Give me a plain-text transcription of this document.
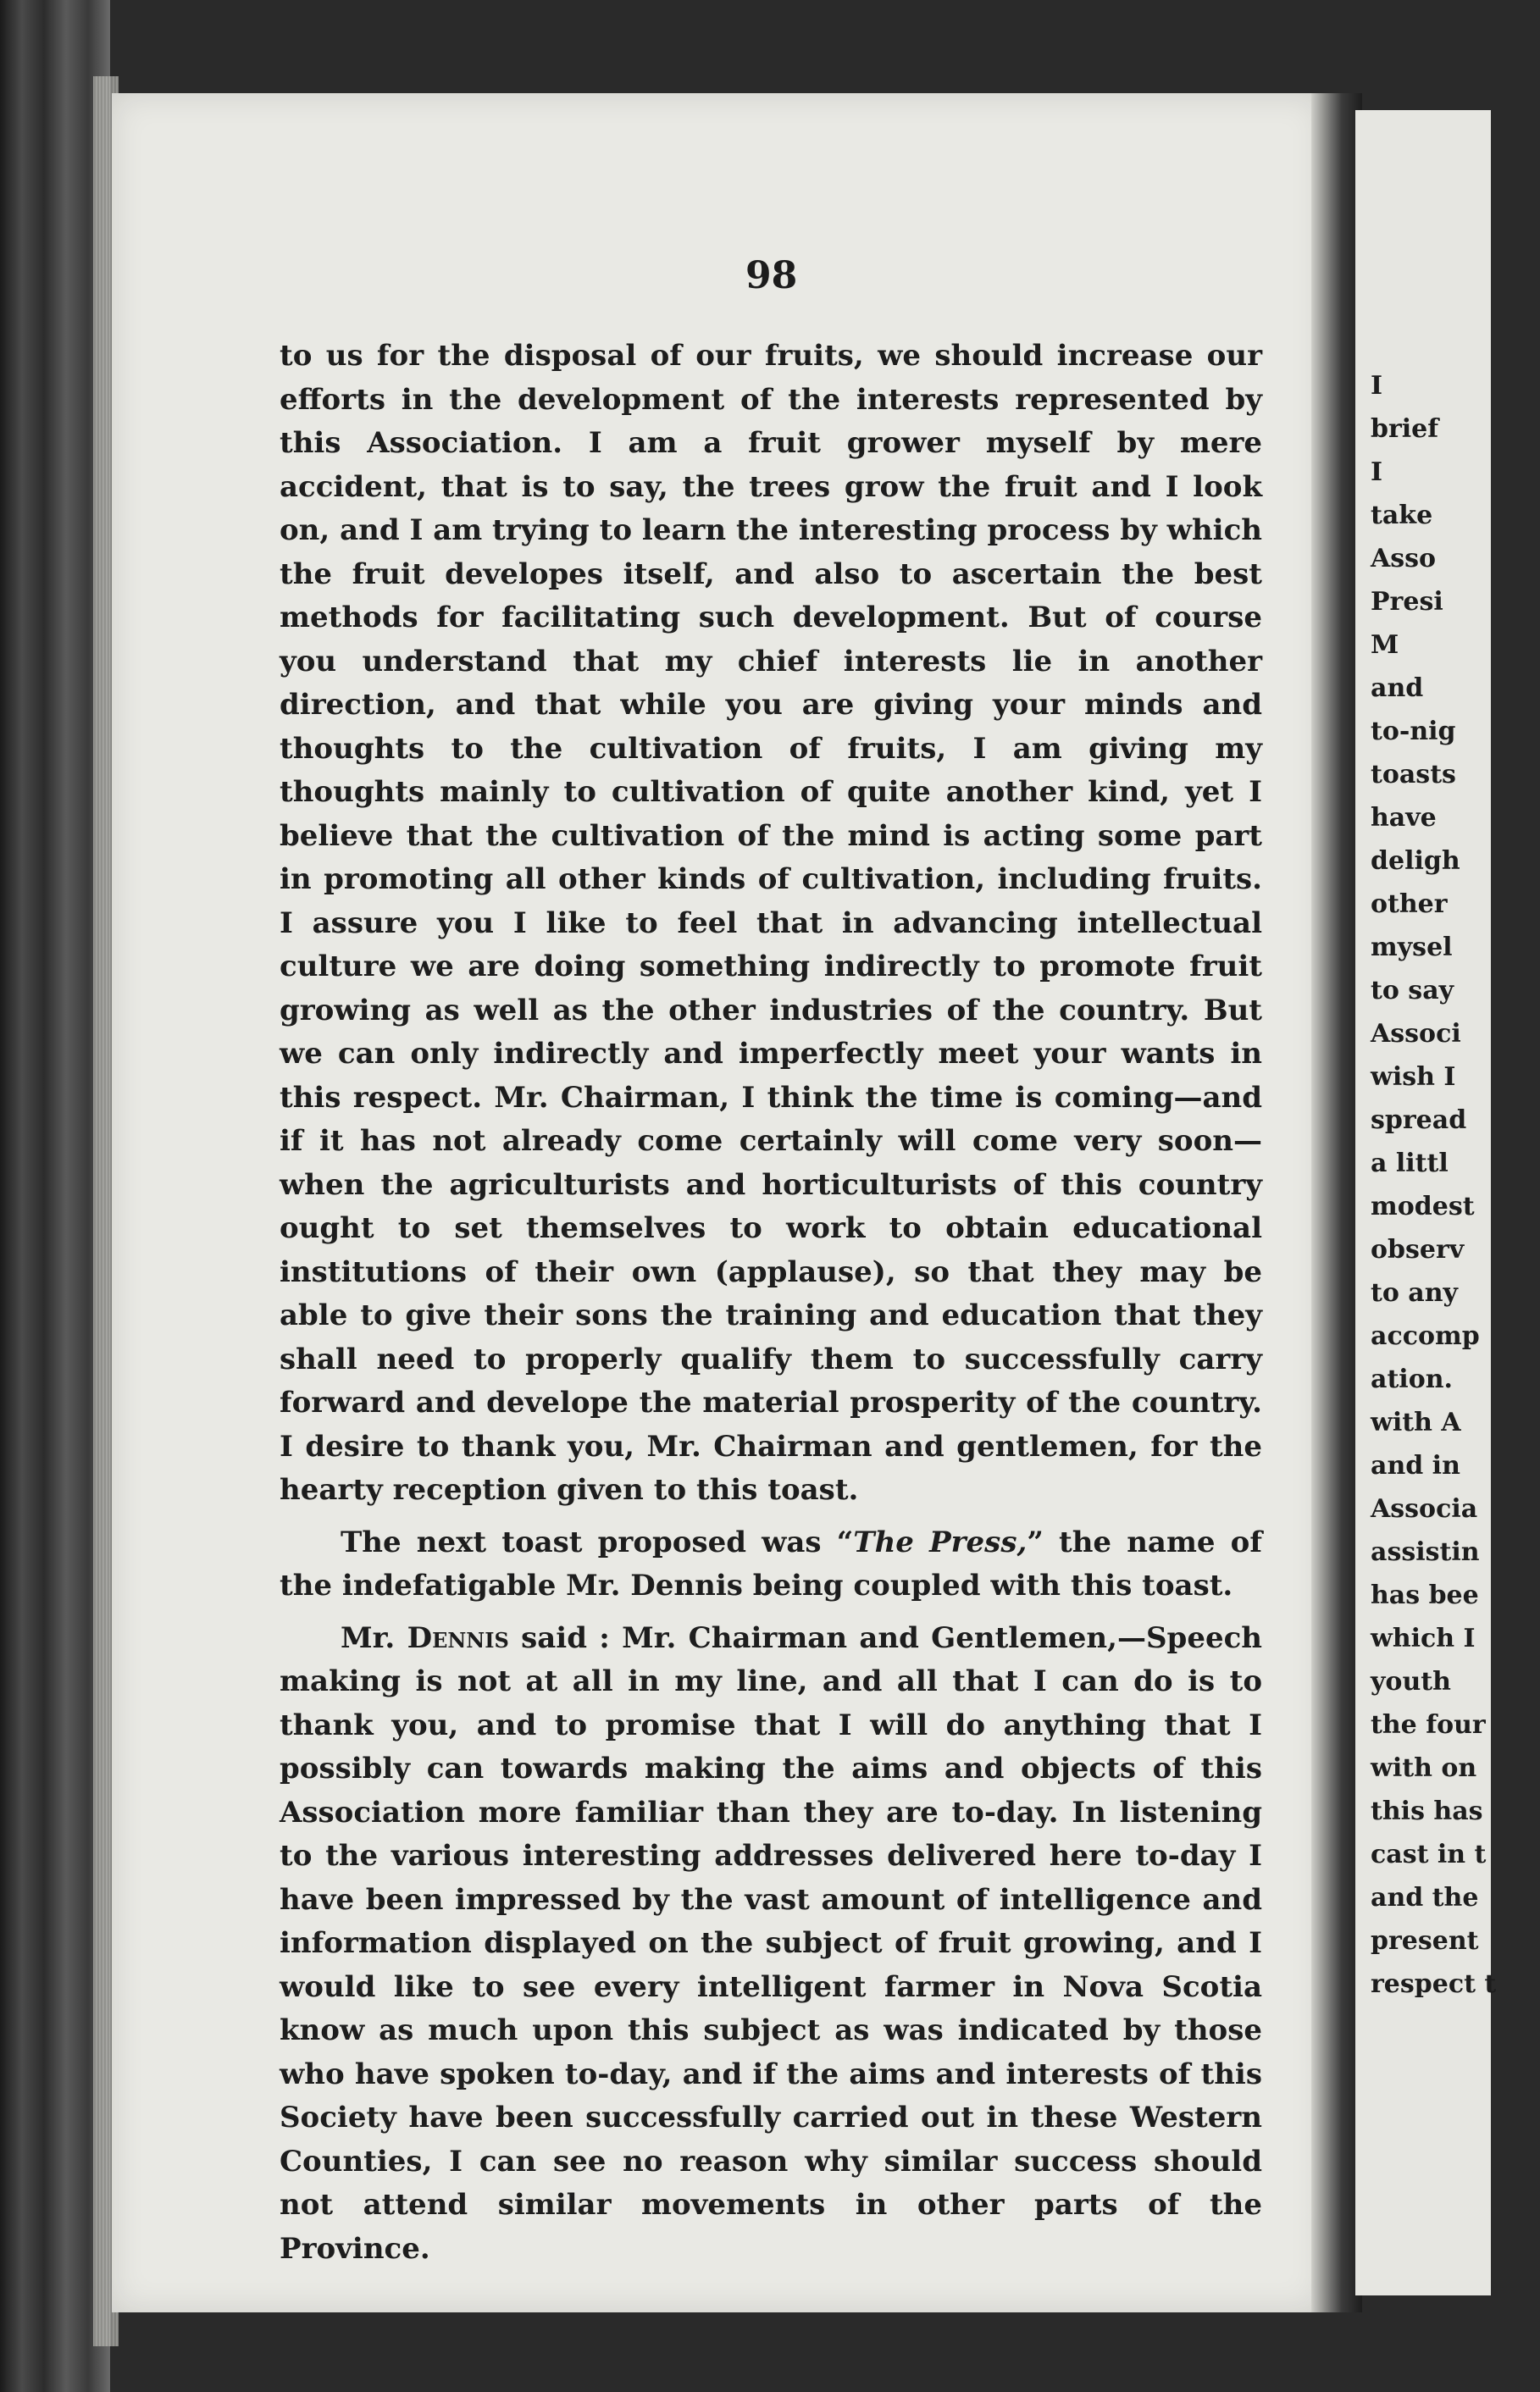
I
brief
I
take
Asso
Presi
M
and
to-nig
toasts
have
deligh
other
mysel
to say
Associ
wish I
spread
a littl
modest
observ
to any
accomp
ation.
with A
and in
Associa
assistin
has bee
which I
youth
the four
with on
this has
cast in t
and the
present
respect t
98

to us for the disposal of our fruits, we should increase our efforts in the development of the interests represented by this Association. I am a fruit grower myself by mere accident, that is to say, the trees grow the fruit and I look on, and I am trying to learn the interesting process by which the fruit developes itself, and also to ascertain the best methods for facilitating such development. But of course you understand that my chief interests lie in another direction, and that while you are giving your minds and thoughts to the cultivation of fruits, I am giving my thoughts mainly to cultivation of quite another kind, yet I believe that the cultivation of the mind is acting some part in promoting all other kinds of cultivation, including fruits. I assure you I like to feel that in advancing intellectual culture we are doing something indirectly to promote fruit growing as well as the other industries of the country. But we can only indirectly and imperfectly meet your wants in this respect. Mr. Chairman, I think the time is coming—and if it has not already come certainly will come very soon—when the agriculturists and horticulturists of this country ought to set themselves to work to obtain educational institutions of their own (applause), so that they may be able to give their sons the training and education that they shall need to properly qualify them to successfully carry forward and develope the material prosperity of the country. I desire to thank you, Mr. Chairman and gentlemen, for the hearty reception given to this toast.

The next toast proposed was “The Press,” the name of the indefatigable Mr. Dennis being coupled with this toast.

Mr. Dennis said : Mr. Chairman and Gentlemen,—Speech making is not at all in my line, and all that I can do is to thank you, and to promise that I will do anything that I possibly can towards making the aims and objects of this Association more familiar than they are to-day. In listening to the various interesting addresses delivered here to-day I have been impressed by the vast amount of intelligence and information displayed on the subject of fruit growing, and I would like to see every intelligent farmer in Nova Scotia know as much upon this subject as was indicated by those who have spoken to-day, and if the aims and interests of this Society have been successfully carried out in these Western Counties, I can see no reason why similar success should not attend similar movements in other parts of the Province.
